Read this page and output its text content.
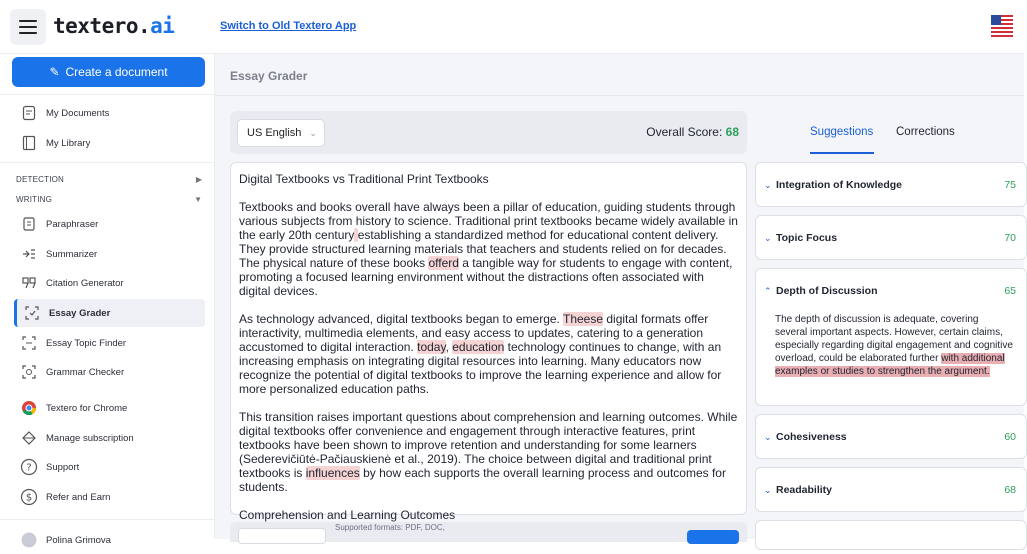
textero.ai	Switch to Old Textero App
✎ Create a document
My Documents
My Library
DETECTION	▶
WRITING	▼
Paraphraser
Summarizer
Citation Generator
Essay Grader
Essay Topic Finder
Grammar Checker
Textero for Chrome
Manage subscription
? Support
$ Refer and Earn
Polina Grimova
Essay Grader
US English ⌄	Overall Score: 68

Digital Textbooks vs Traditional Print Textbooks

Textbooks and books overall have always been a pillar of education, guiding students through various subjects from history to science. Traditional print textbooks became widely available in the early 20th century establishing a standardized method for educational content delivery. They provide structured learning materials that teachers and students relied on for decades. The physical nature of these books offerd a tangible way for students to engage with content, promoting a focused learning environment without the distractions often associated with digital devices.

As technology advanced, digital textbooks began to emerge. Theese digital formats offer interactivity, multimedia elements, and easy access to updates, catering to a generation accustomed to digital interaction. today, education technology continues to change, with an increasing emphasis on integrating digital resources into learning. Many educators now recognize the potential of digital textbooks to improve the learning experience and allow for more personalized education paths.

This transition raises important questions about comprehension and learning outcomes. While digital textbooks offer convenience and engagement through interactive features, print textbooks have been shown to improve retention and understanding for some learners (Sederevičiūtė-Pačiauskienė et al., 2019). The choice between digital and traditional print textbooks is influences by how each supports the overall learning process and outcomes for students.

Comprehension and Learning Outcomes

Supported formats: PDF, DOC,
Suggestions Corrections
⌄ Integration of Knowledge	75
⌄ Topic Focus	70
⌃ Depth of Discussion	65
The depth of discussion is adequate, covering several important aspects. However, certain claims, especially regarding digital engagement and cognitive overload, could be elaborated further with additional examples or studies to strengthen the argument.
⌄ Cohesiveness	60
⌄ Readability	68
